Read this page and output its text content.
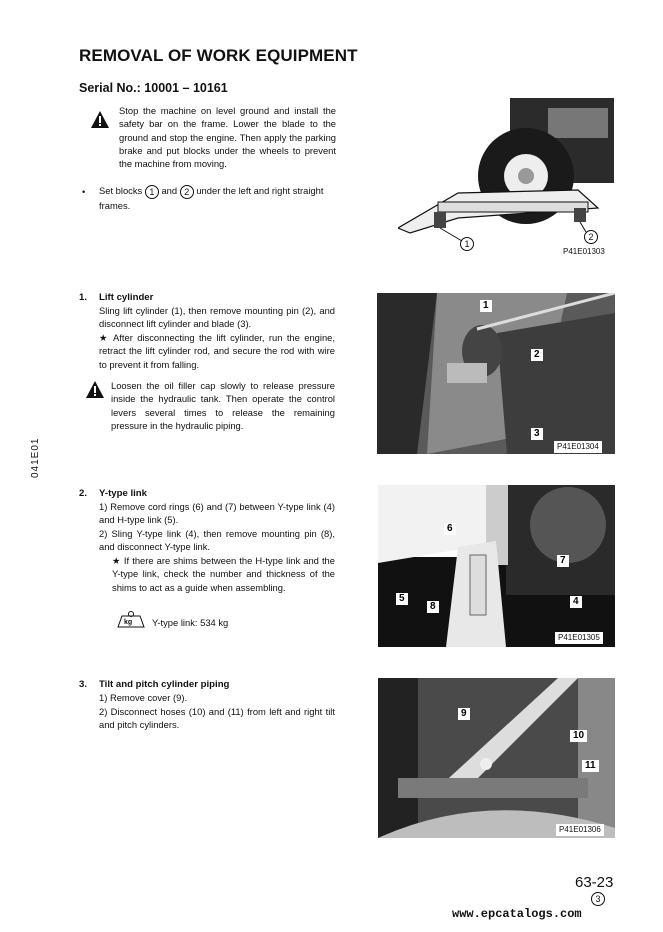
REMOVAL OF WORK EQUIPMENT
Serial No.: 10001 – 10161
Stop the machine on level ground and install the safety bar on the frame. Lower the blade to the ground and stop the engine. Then apply the parking brake and put blocks under the wheels to prevent the machine from moving.
• Set blocks 1 and 2 under the left and right straight frames.
1
2
P41E01303
1. Lift cylinder
Sling lift cylinder (1), then remove mounting pin (2), and disconnect lift cylinder and blade (3).
★ After disconnecting the lift cylinder, run the engine, retract the lift cylinder rod, and secure the rod with wire to prevent it from falling.
Loosen the oil filler cap slowly to release pressure inside the hydraulic tank. Then operate the control levers several times to release the remaining pressure in the hydraulic piping.
1
2
3
P41E01304
2. Y-type link
1) Remove cord rings (6) and (7) between Y-type link (4) and H-type link (5).
2) Sling Y-type link (4), then remove mounting pin (8), and disconnect Y-type link.
★ If there are shims between the H-type link and the Y-type link, check the number and thickness of the shims to act as a guide when assembling.
kg Y-type link: 534 kg
6
7
5
8	4
P41E01305
3. Tilt and pitch cylinder piping
1) Remove cover (9).
2) Disconnect hoses (10) and (11) from left and right tilt and pitch cylinders.
9
10
11
P41E01306
041E01
63-23
3
www.epcatalogs.com
